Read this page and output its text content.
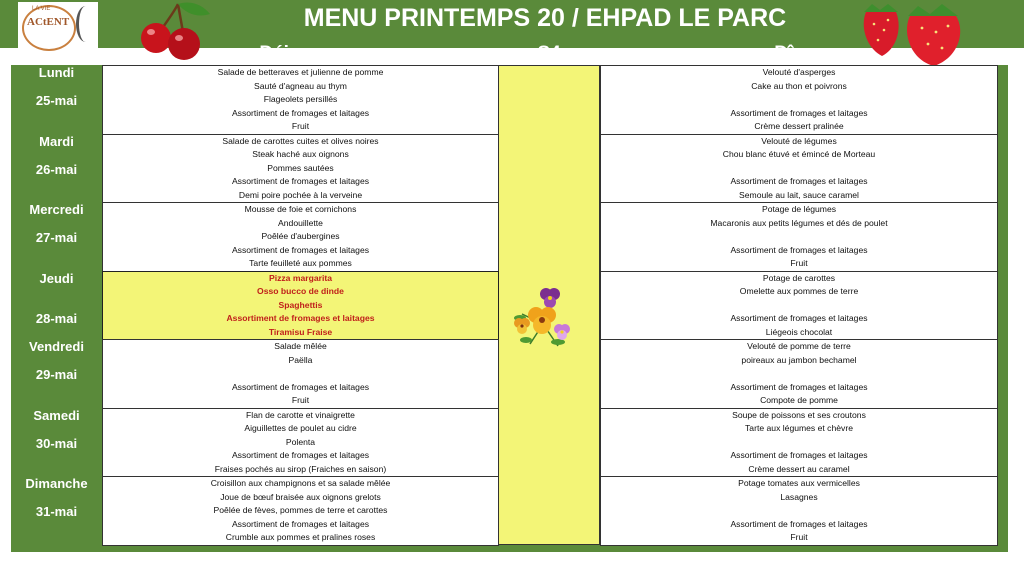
MENU PRINTEMPS 20 / EHPAD LE PARC
LA VIE
ACtENT
Déjeuner	S4	Dîner
Lundi
25-mai
Salade de betteraves et julienne de pomme
Sauté d'agneau au thym
Flageolets persillés
Assortiment de fromages et laitages
Fruit
Velouté d'asperges
Cake au thon et poivrons
Assortiment de fromages et laitages
Crème dessert pralinée
Mardi
26-mai
Salade de carottes cuites et olives noires
Steak haché aux oignons
Pommes sautées
Assortiment de fromages et laitages
Demi poire pochée à la verveine
Velouté de légumes
Chou blanc étuvé et émincé de Morteau
Assortiment de fromages et laitages
Semoule au lait, sauce caramel
Mercredi
27-mai
Mousse de foie et cornichons
Andouillette
Poêlée d'aubergines
Assortiment de fromages et laitages
Tarte feuilleté aux pommes
Potage de légumes
Macaronis aux petits légumes et dés de poulet
Assortiment de fromages et laitages
Fruit
Jeudi
28-mai
Pizza margarita
Osso bucco de dinde
Spaghettis
Assortiment de fromages et laitages
Tiramisu Fraise
Potage de carottes
Omelette aux pommes de terre
Assortiment de fromages et laitages
Liégeois chocolat
Vendredi
29-mai
Salade mêlée
Paëlla
Assortiment de fromages et laitages
Fruit
Velouté de pomme de terre
poireaux au jambon bechamel
Assortiment de fromages et laitages
Compote de pomme
Samedi
30-mai
Flan de carotte et vinaigrette
Aiguillettes de poulet au cidre
Polenta
Assortiment de fromages et laitages
Fraises pochés au sirop (Fraiches en saison)
Soupe de poissons et ses croutons
Tarte aux légumes et chèvre
Assortiment de fromages et laitages
Crème dessert au caramel
Dimanche
31-mai
Croisillon aux champignons et sa salade mêlée
Joue de bœuf braisée aux oignons grelots
Poêlée de fèves, pommes de terre et carottes
Assortiment de fromages et laitages
Crumble aux pommes et pralines roses
Potage tomates aux vermicelles
Lasagnes
Assortiment de fromages et laitages
Fruit
